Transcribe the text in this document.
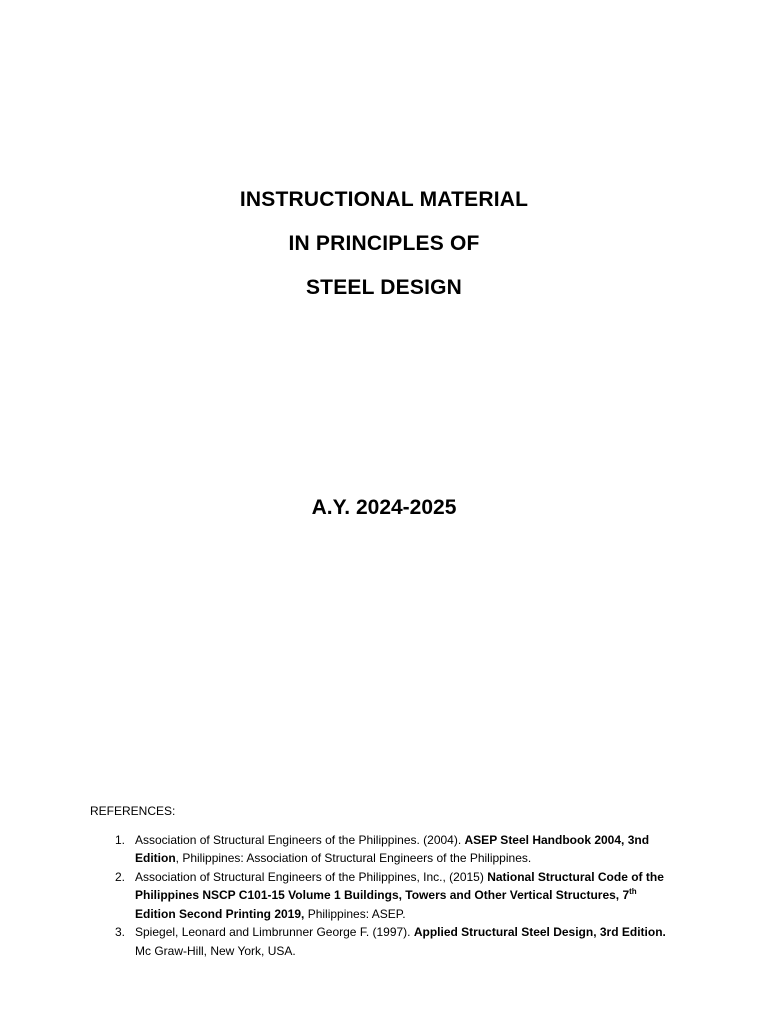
INSTRUCTIONAL MATERIAL
IN PRINCIPLES OF
STEEL DESIGN
A.Y. 2024-2025
REFERENCES:
1. Association of Structural Engineers of the Philippines. (2004). ASEP Steel Handbook 2004, 3nd Edition, Philippines: Association of Structural Engineers of the Philippines.
2. Association of Structural Engineers of the Philippines, Inc., (2015) National Structural Code of the Philippines NSCP C101-15 Volume 1 Buildings, Towers and Other Vertical Structures, 7th Edition Second Printing 2019, Philippines: ASEP.
3. Spiegel, Leonard and Limbrunner George F. (1997). Applied Structural Steel Design, 3rd Edition. Mc Graw-Hill, New York, USA.
